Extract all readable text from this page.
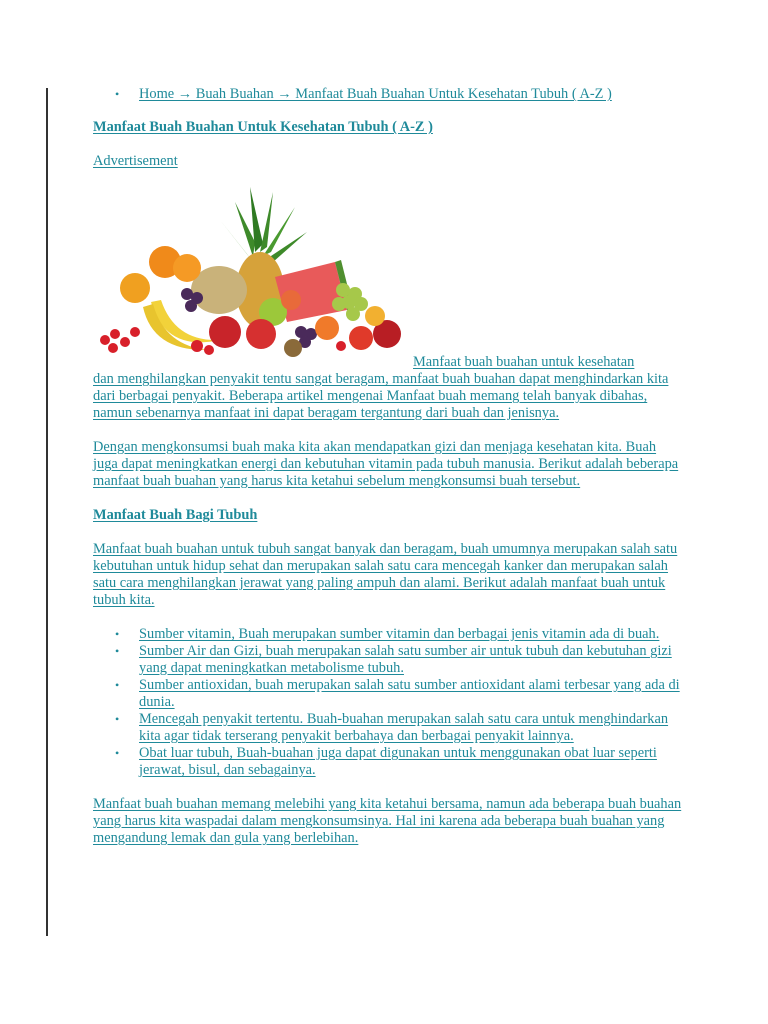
• Home → Buah Buahan → Manfaat Buah Buahan Untuk Kesehatan Tubuh ( A-Z )
Manfaat Buah Buahan Untuk Kesehatan Tubuh ( A-Z )
Advertisement

Manfaat buah buahan untuk kesehatan

dan menghilangkan penyakit tentu sangat beragam, manfaat buah buahan dapat menghindarkan kita dari berbagai penyakit. Beberapa artikel mengenai Manfaat buah memang telah banyak dibahas, namun sebenarnya manfaat ini dapat beragam tergantung dari buah dan jenisnya.

Dengan mengkonsumsi buah maka kita akan mendapatkan gizi dan menjaga kesehatan kita. Buah juga dapat meningkatkan energi dan kebutuhan vitamin pada tubuh manusia. Berikut adalah beberapa manfaat buah buahan yang harus kita ketahui sebelum mengkonsumsi buah tersebut.

Manfaat Buah Bagi Tubuh

Manfaat buah buahan untuk tubuh sangat banyak dan beragam, buah umumnya merupakan salah satu kebutuhan untuk hidup sehat dan merupakan salah satu cara mencegah kanker dan merupakan salah satu cara menghilangkan jerawat yang paling ampuh dan alami. Berikut adalah manfaat buah untuk tubuh kita.

• Sumber vitamin, Buah merupakan sumber vitamin dan berbagai jenis vitamin ada di buah.
• Sumber Air dan Gizi, buah merupakan salah satu sumber air untuk tubuh dan kebutuhan gizi yang dapat meningkatkan metabolisme tubuh.
• Sumber antioxidan, buah merupakan salah satu sumber antioxidant alami terbesar yang ada di dunia.
• Mencegah penyakit tertentu. Buah-buahan merupakan salah satu cara untuk menghindarkan kita agar tidak terserang penyakit berbahaya dan berbagai penyakit lainnya.
• Obat luar tubuh, Buah-buahan juga dapat digunakan untuk menggunakan obat luar seperti jerawat, bisul, dan sebagainya.

Manfaat buah buahan memang melebihi yang kita ketahui bersama, namun ada beberapa buah buahan yang harus kita waspadai dalam mengkonsumsinya. Hal ini karena ada beberapa buah buahan yang mengandung lemak dan gula yang berlebihan.
